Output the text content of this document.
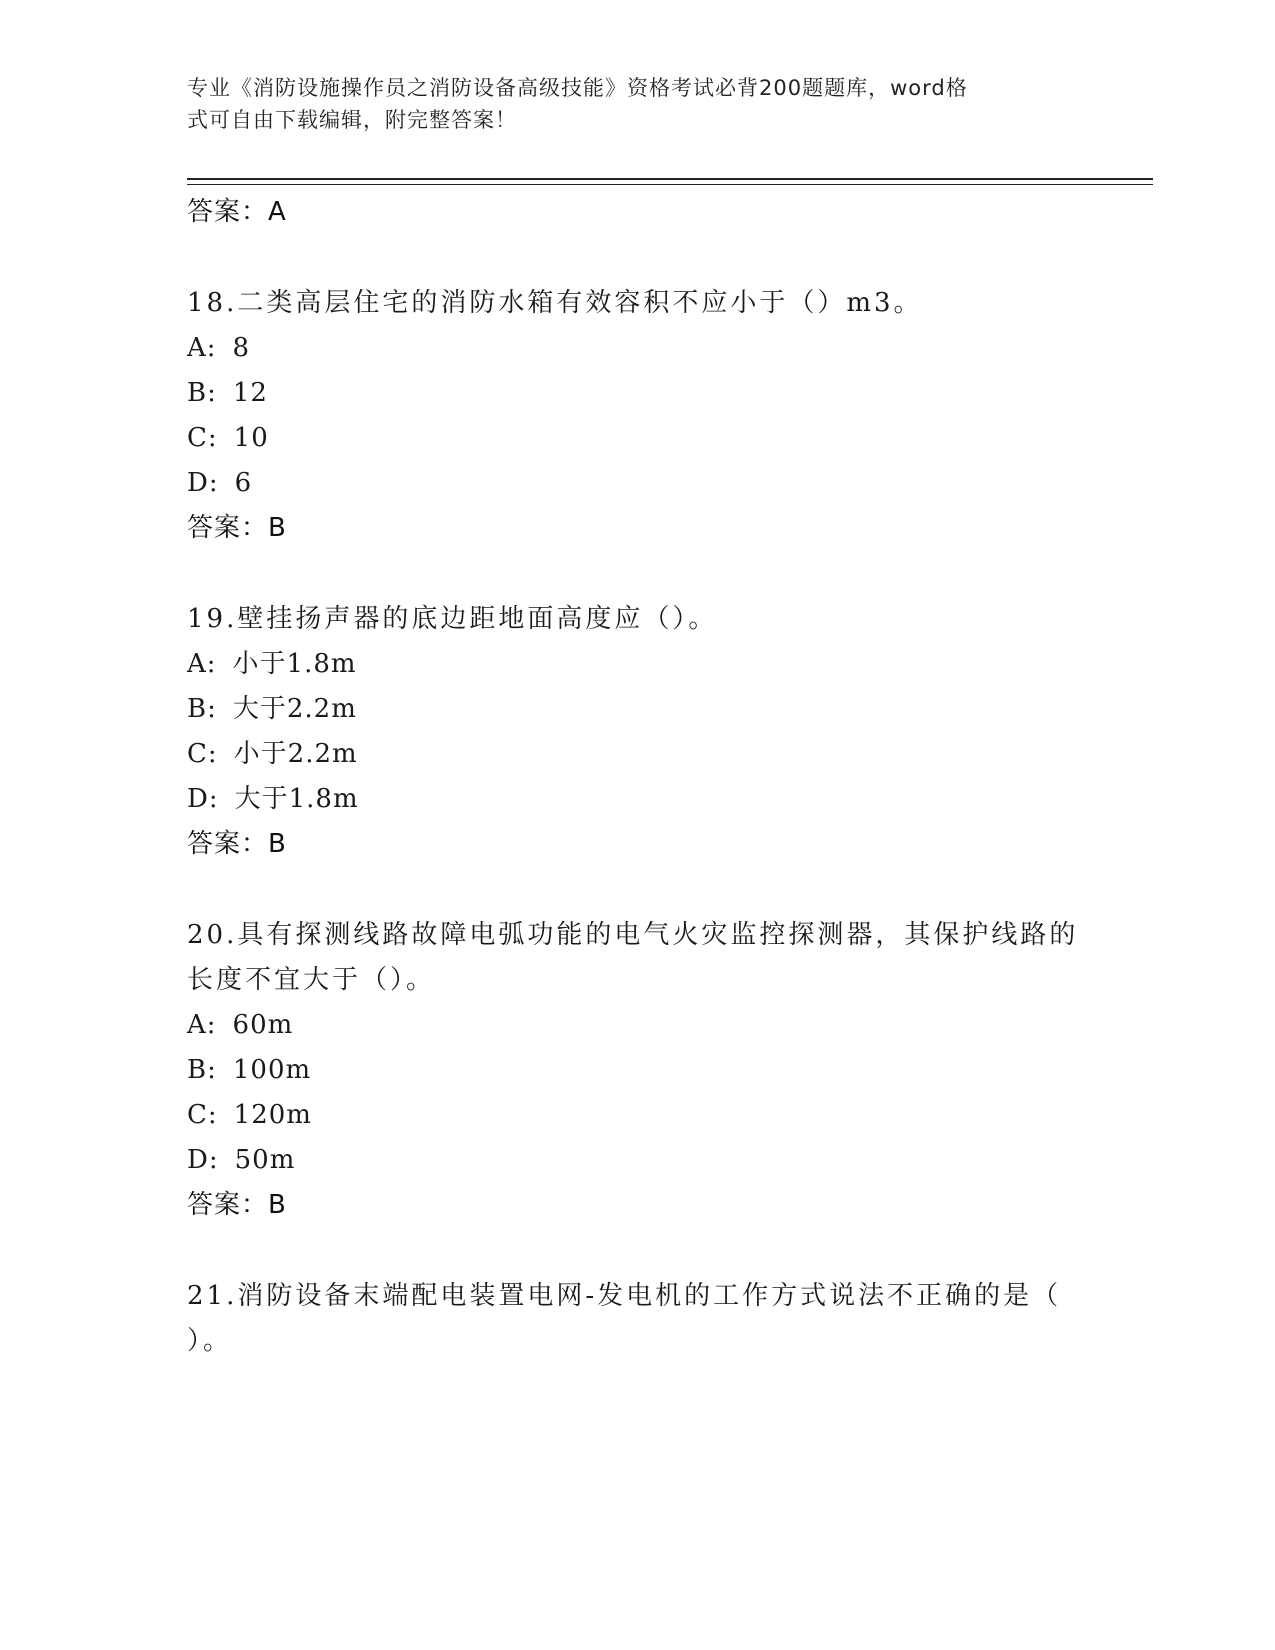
专业《消防设施操作员之消防设备高级技能》资格考试必背200题题库，word格
式可自由下载编辑，附完整答案！
答案：A
18.二类高层住宅的消防水箱有效容积不应小于（）m3。
A: 8
B: 12
C: 10
D: 6
答案：B
19.壁挂扬声器的底边距地面高度应（）。
A: 小于1.8m
B: 大于2.2m
C: 小于2.2m
D: 大于1.8m
答案：B
20.具有探测线路故障电弧功能的电气火灾监控探测器，其保护线路的
长度不宜大于（）。
A: 60m
B: 100m
C: 120m
D: 50m
答案：B
21.消防设备末端配电装置电网-发电机的工作方式说法不正确的是（
）。
